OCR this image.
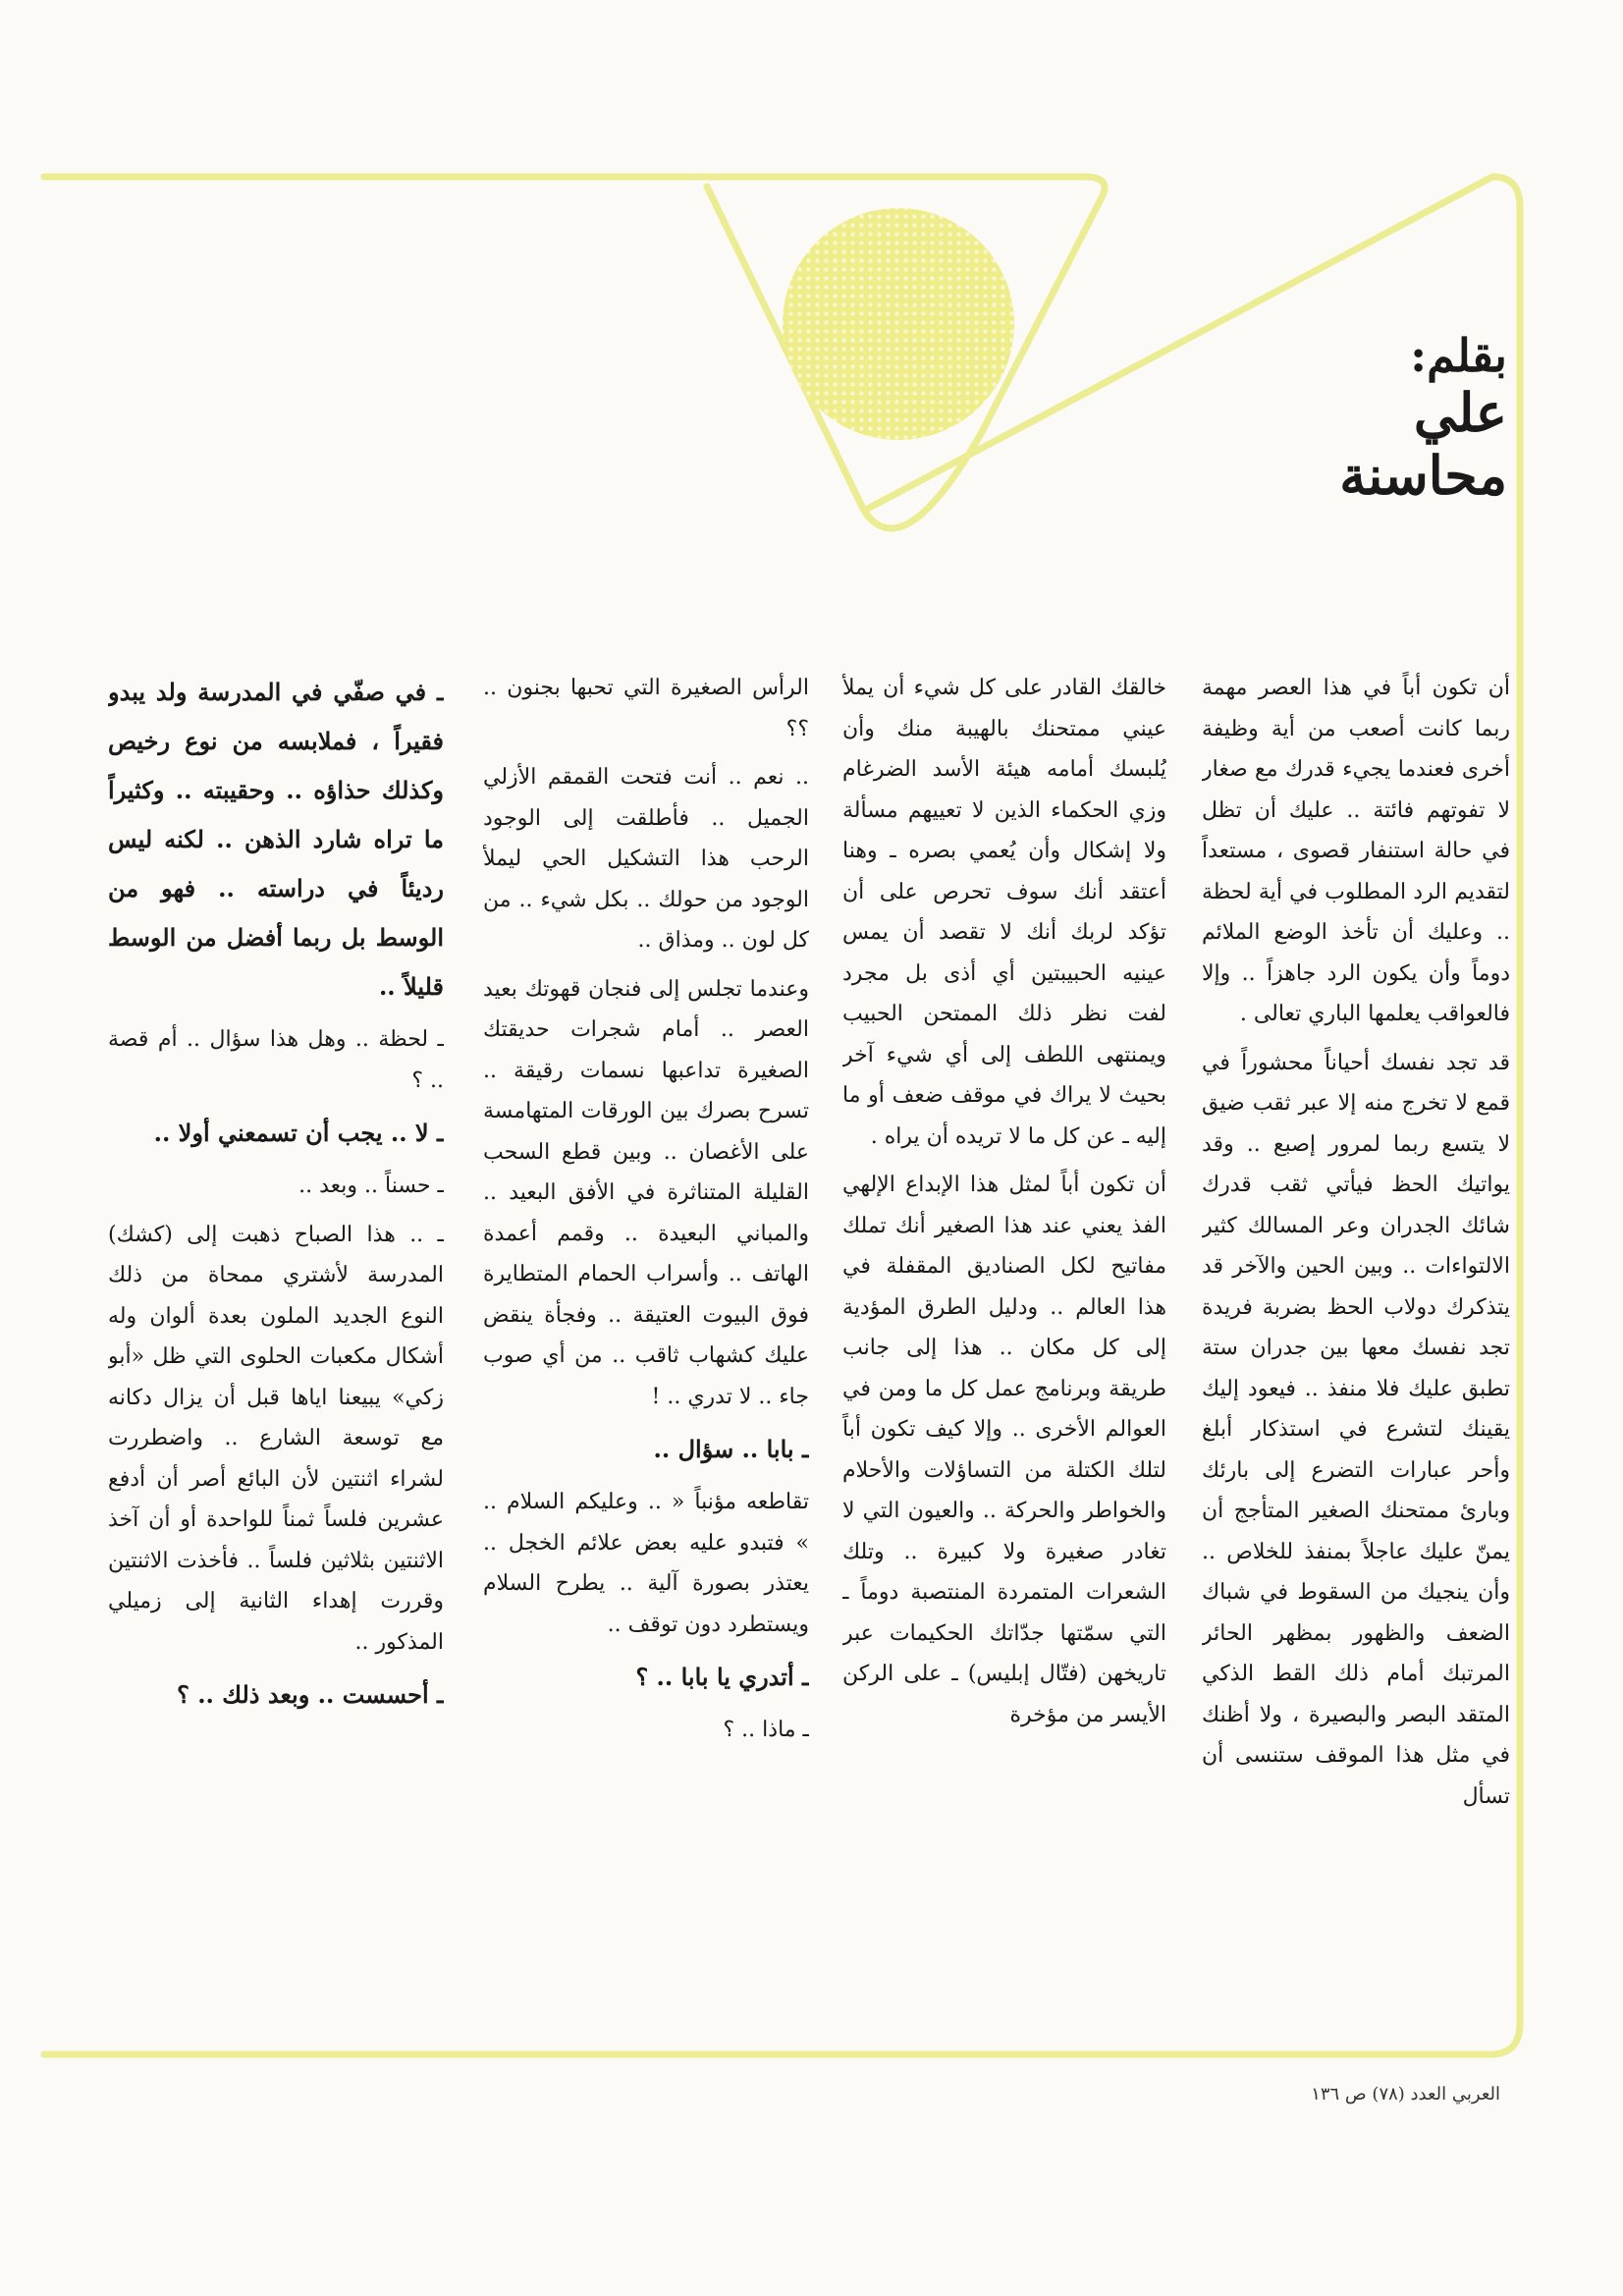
بقلم:
علي محاسنة

أن تكون أباً في هذا العصر مهمة ربما كانت أصعب من أية وظيفة أخرى فعندما يجيء قدرك مع صغار لا تفوتهم فائتة .. عليك أن تظل في حالة استنفار قصوى ، مستعداً لتقديم الرد المطلوب في أية لحظة .. وعليك أن تأخذ الوضع الملائم دوماً وأن يكون الرد جاهزاً .. وإلا فالعواقب يعلمها الباري تعالى .

قد تجد نفسك أحياناً محشوراً في قمع لا تخرج منه إلا عبر ثقب ضيق لا يتسع ربما لمرور إصبع .. وقد يواتيك الحظ فيأتي ثقب قدرك شائك الجدران وعر المسالك كثير الالتواءات .. وبين الحين والآخر قد يتذكرك دولاب الحظ بضربة فريدة تجد نفسك معها بين جدران ستة تطبق عليك فلا منفذ .. فيعود إليك يقينك لتشرع في استذكار أبلغ وأحر عبارات التضرع إلى بارئك وبارئ ممتحنك الصغير المتأجج أن يمنّ عليك عاجلاً بمنفذ للخلاص .. وأن ينجيك من السقوط في شباك الضعف والظهور بمظهر الحائر المرتبك أمام ذلك القط الذكي المتقد البصر والبصيرة ، ولا أظنك في مثل هذا الموقف ستنسى أن تسأل

خالقك القادر على كل شيء أن يملأ عيني ممتحنك بالهيبة منك وأن يُلبسك أمامه هيئة الأسد الضرغام وزي الحكماء الذين لا تعييهم مسألة ولا إشكال وأن يُعمي بصره ـ وهنا أعتقد أنك سوف تحرص على أن تؤكد لربك أنك لا تقصد أن يمس عينيه الحبيبتين أي أذى بل مجرد لفت نظر ذلك الممتحن الحبيب ويمنتهى اللطف إلى أي شيء آخر بحيث لا يراك في موقف ضعف أو ما إليه ـ عن كل ما لا تريده أن يراه .

أن تكون أباً لمثل هذا الإبداع الإلهي الفذ يعني عند هذا الصغير أنك تملك مفاتيح لكل الصناديق المقفلة في هذا العالم .. ودليل الطرق المؤدية إلى كل مكان .. هذا إلى جانب طريقة وبرنامج عمل كل ما ومن في العوالم الأخرى .. وإلا كيف تكون أباً لتلك الكتلة من التساؤلات والأحلام والخواطر والحركة .. والعيون التي لا تغادر صغيرة ولا كبيرة .. وتلك الشعرات المتمردة المنتصبة دوماً ـ التي سمّتها جدّاتك الحكيمات عبر تاريخهن (فتّال إبليس) ـ على الركن الأيسر من مؤخرة

الرأس الصغيرة التي تحبها بجنون .. ؟؟

.. نعم .. أنت فتحت القمقم الأزلي الجميل .. فأطلقت إلى الوجود الرحب هذا التشكيل الحي ليملأ الوجود من حولك .. بكل شيء .. من كل لون .. ومذاق ..

وعندما تجلس إلى فنجان قهوتك بعيد العصر .. أمام شجرات حديقتك الصغيرة تداعبها نسمات رقيقة .. تسرح بصرك بين الورقات المتهامسة على الأغصان .. وبين قطع السحب القليلة المتناثرة في الأفق البعيد .. والمباني البعيدة .. وقمم أعمدة الهاتف .. وأسراب الحمام المتطايرة فوق البيوت العتيقة .. وفجأة ينقض عليك كشهاب ثاقب .. من أي صوب جاء .. لا تدري .. !

ـ بابا .. سؤال ..

تقاطعه مؤنباً « .. وعليكم السلام .. » فتبدو عليه بعض علائم الخجل .. يعتذر بصورة آلية .. يطرح السلام ويستطرد دون توقف ..

ـ أتدري يا بابا .. ؟

ـ ماذا .. ؟

ـ في صفّي في المدرسة ولد يبدو فقيراً ، فملابسه من نوع رخيص وكذلك حذاؤه .. وحقيبته .. وكثيراً ما تراه شارد الذهن .. لكنه ليس رديئاً في دراسته .. فهو من الوسط بل ربما أفضل من الوسط قليلاً ..

ـ لحظة .. وهل هذا سؤال .. أم قصة .. ؟

ـ لا .. يجب أن تسمعني أولا ..

ـ حسناً .. وبعد ..

ـ .. هذا الصباح ذهبت إلى (كشك) المدرسة لأشتري ممحاة من ذلك النوع الجديد الملون بعدة ألوان وله أشكال مكعبات الحلوى التي ظل «أبو زكي» يبيعنا اياها قبل أن يزال دكانه مع توسعة الشارع .. واضطررت لشراء اثنتين لأن البائع أصر أن أدفع عشرين فلساً ثمناً للواحدة أو أن آخذ الاثنتين بثلاثين فلساً .. فأخذت الاثنتين وقررت إهداء الثانية إلى زميلي المذكور ..

ـ أحسست .. وبعد ذلك .. ؟

العربي العدد (٧٨) ص ١٣٦
